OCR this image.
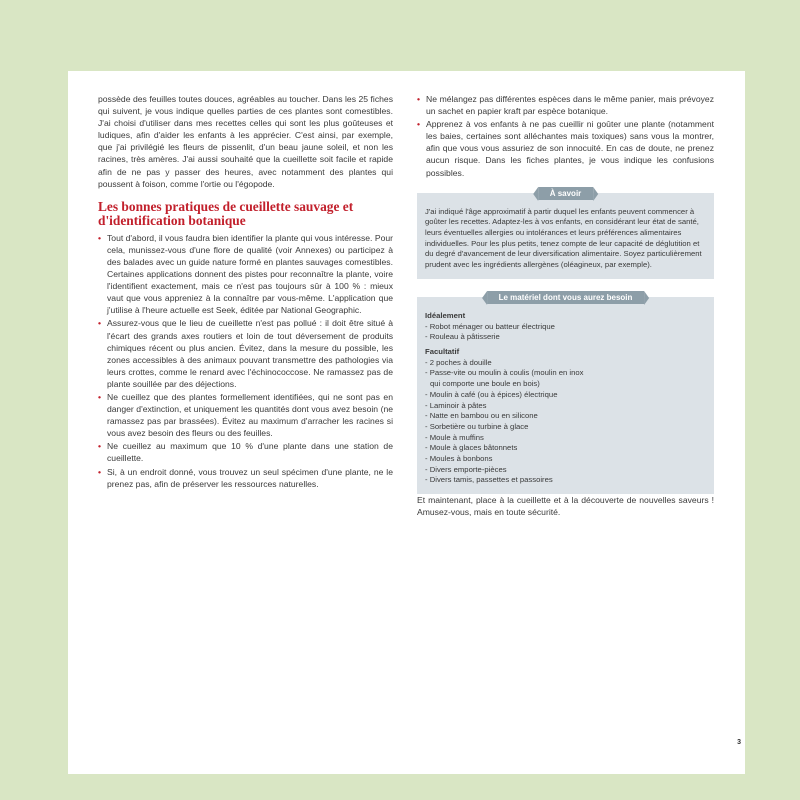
possède des feuilles toutes douces, agréables au toucher. Dans les 25 fiches qui suivent, je vous indique quelles parties de ces plantes sont comestibles. J'ai choisi d'utiliser dans mes recettes celles qui sont les plus goûteuses et ludiques, afin d'aider les enfants à les apprécier. C'est ainsi, par exemple, que j'ai privilégié les fleurs de pissenlit, d'un beau jaune soleil, et non les racines, très amères. J'ai aussi souhaité que la cueillette soit facile et rapide afin de ne pas y passer des heures, avec notamment des plantes qui poussent à foison, comme l'ortie ou l'égopode.

Les bonnes pratiques de cueillette sauvage et d'identification botanique
• Tout d'abord, il vous faudra bien identifier la plante qui vous intéresse. Pour cela, munissez-vous d'une flore de qualité (voir Annexes) ou participez à des balades avec un guide nature formé en plantes sauvages comestibles. Certaines applications donnent des pistes pour reconnaître la plante, voire l'identifient exactement, mais ce n'est pas toujours sûr à 100 % : mieux vaut que vous appreniez à la connaître par vous-même. L'application que j'utilise à l'heure actuelle est Seek, éditée par National Geographic.
• Assurez-vous que le lieu de cueillette n'est pas pollué : il doit être situé à l'écart des grands axes routiers et loin de tout déversement de produits chimiques récent ou plus ancien. Évitez, dans la mesure du possible, les zones accessibles à des animaux pouvant transmettre des pathologies via leurs crottes, comme le renard avec l'échinococcose. Ne ramassez pas de plante souillée par des déjections.
• Ne cueillez que des plantes formellement identifiées, qui ne sont pas en danger d'extinction, et uniquement les quantités dont vous avez besoin (ne ramassez pas par brassées). Évitez au maximum d'arracher les racines si vous avez besoin des fleurs ou des feuilles.
• Ne cueillez au maximum que 10 % d'une plante dans une station de cueillette.
• Si, à un endroit donné, vous trouvez un seul spécimen d'une plante, ne le prenez pas, afin de préserver les ressources naturelles.
• Ne mélangez pas différentes espèces dans le même panier, mais prévoyez un sachet en papier kraft par espèce botanique.
• Apprenez à vos enfants à ne pas cueillir ni goûter une plante (notamment les baies, certaines sont alléchantes mais toxiques) sans vous la montrer, afin que vous vous assuriez de son innocuité. En cas de doute, ne prenez aucun risque. Dans les fiches plantes, je vous indique les confusions possibles.
À savoir

J'ai indiqué l'âge approximatif à partir duquel les enfants peuvent commencer à goûter les recettes. Adaptez-les à vos enfants, en considérant leur état de santé, leurs éventuelles allergies ou intolérances et leurs préférences alimentaires individuelles. Pour les plus petits, tenez compte de leur capacité de déglutition et du degré d'avancement de leur diversification alimentaire. Soyez particulièrement prudent avec les ingrédients allergènes (oléagineux, par exemple).

Le matériel dont vous aurez besoin
Idéalement
- Robot ménager ou batteur électrique
- Rouleau à pâtisserie
Facultatif
- 2 poches à douille
- Passe-vite ou moulin à coulis (moulin en inox
qui comporte une boule en bois)
- Moulin à café (ou à épices) électrique
- Laminoir à pâtes
- Natte en bambou ou en silicone
- Sorbetière ou turbine à glace
- Moule à muffins
- Moule à glaces bâtonnets
- Moules à bonbons
- Divers emporte-pièces
- Divers tamis, passettes et passoires

Et maintenant, place à la cueillette et à la découverte de nouvelles saveurs ! Amusez-vous, mais en toute sécurité.

3
